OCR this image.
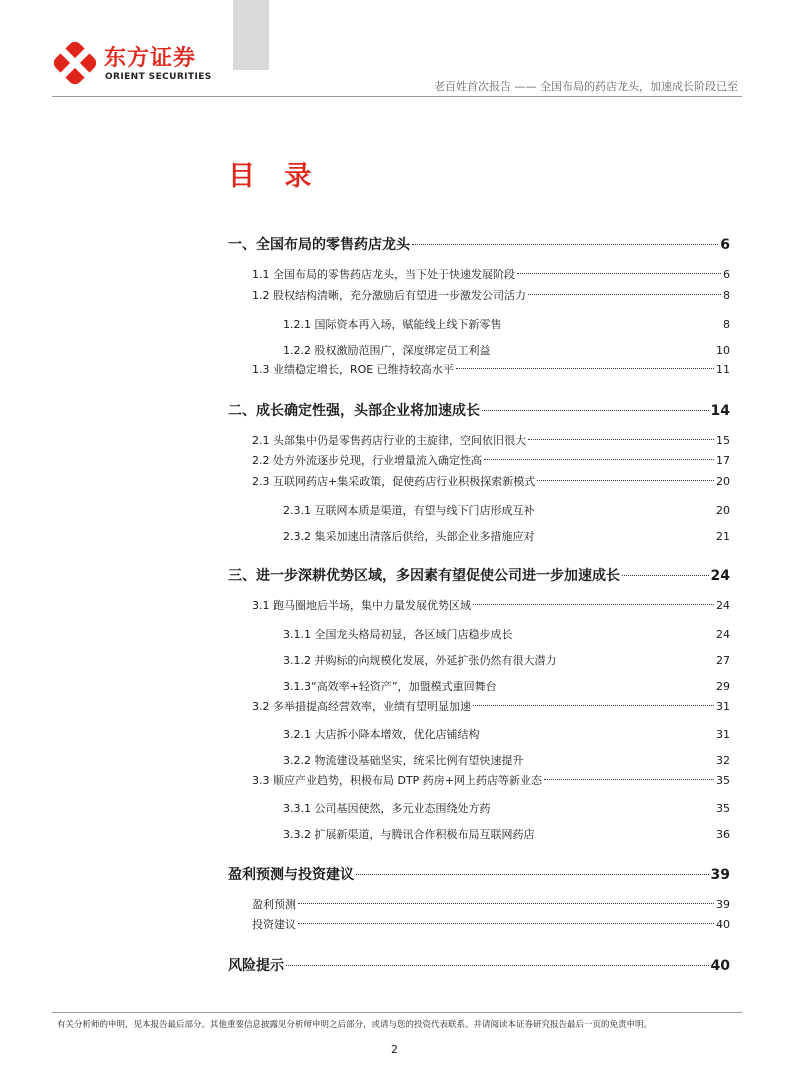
东方证券
ORIENT SECURITIES
老百姓首次报告 —— 全国布局的药店龙头，加速成长阶段已至
目 录
一、全国布局的零售药店龙头	6
1.1 全国布局的零售药店龙头，当下处于快速发展阶段	6
1.2 股权结构清晰，充分激励后有望进一步激发公司活力	8
1.2.1 国际资本再入场，赋能线上线下新零售	8
1.2.2 股权激励范围广，深度绑定员工利益	10
1.3 业绩稳定增长，ROE 已维持较高水平	11
二、成长确定性强，头部企业将加速成长	14
2.1 头部集中仍是零售药店行业的主旋律，空间依旧很大	15
2.2 处方外流逐步兑现，行业增量流入确定性高	17
2.3 互联网药店+集采政策，促使药店行业积极探索新模式	20
2.3.1 互联网本质是渠道，有望与线下门店形成互补	20
2.3.2 集采加速出清落后供给，头部企业多措施应对	21
三、进一步深耕优势区域，多因素有望促使公司进一步加速成长	24
3.1 跑马圈地后半场，集中力量发展优势区域	24
3.1.1 全国龙头格局初显，各区域门店稳步成长	24
3.1.2 并购标的向规模化发展，外延扩张仍然有很大潜力	27
3.1.3“高效率+轻资产”，加盟模式重回舞台	29
3.2 多举措提高经营效率，业绩有望明显加速	31
3.2.1 大店拆小降本增效，优化店铺结构	31
3.2.2 物流建设基础坚实，统采比例有望快速提升	32
3.3 顺应产业趋势，积极布局 DTP 药房+网上药店等新业态	35
3.3.1 公司基因使然，多元业态围绕处方药	35
3.3.2 扩展新渠道，与腾讯合作积极布局互联网药店	36
盈利预测与投资建议	39
盈利预测	39
投资建议	40
风险提示	40
有关分析师的申明，见本报告最后部分。其他重要信息披露见分析师申明之后部分，或请与您的投资代表联系。并请阅读本证券研究报告最后一页的免责申明。
2
